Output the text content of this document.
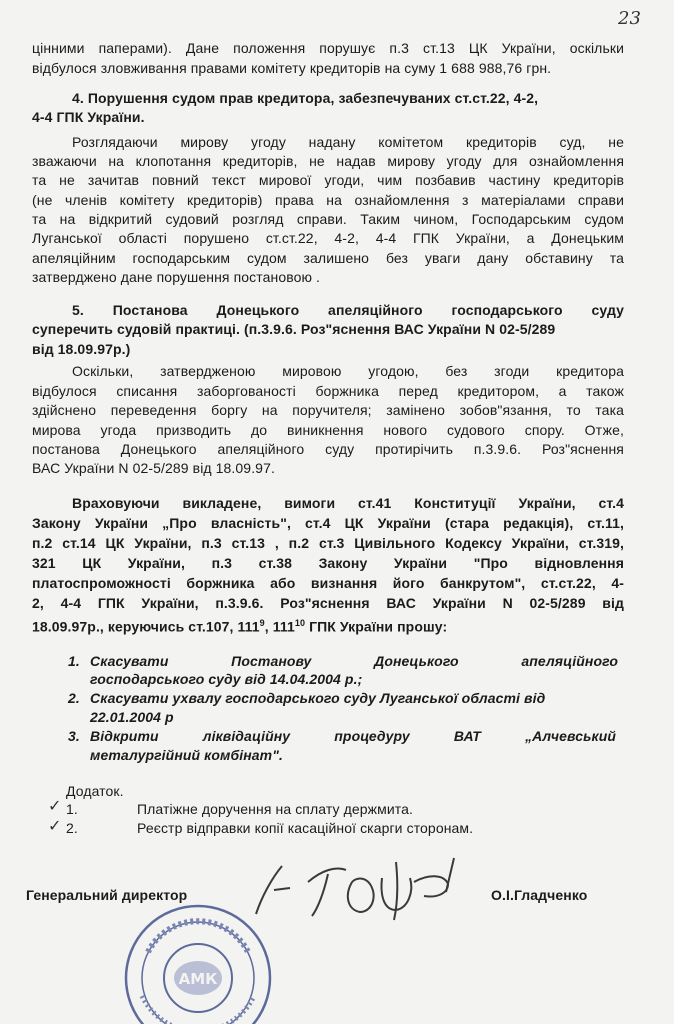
23
цінними паперами). Дане положення порушує п.3 ст.13 ЦК України, оскільки
відбулося зловживання правами комітету кредиторів на суму 1 688 988,76 грн.
4. Порушення судом прав кредитора, забезпечуваних ст.ст.22, 4-2,
4-4 ГПК України.
Розглядаючи мирову угоду надану комітетом кредиторів суд, не
зважаючи на клопотання кредиторів, не надав мирову угоду для ознайомлення
та не зачитав повний текст мирової угоди, чим позбавив частину кредиторів
(не членів комітету кредиторів) права на ознайомлення з матеріалами справи
та на відкритий судовий розгляд справи. Таким чином, Господарським судом
Луганської області порушено ст.ст.22, 4-2, 4-4 ГПК України, а Донецьким
апеляційним господарським судом залишено без уваги дану обставину та
затверджено дане порушення постановою .
5. Постанова Донецького апеляційного господарського суду
суперечить судовій практиці. (п.3.9.6. Роз"яснення ВАС України N 02-5/289
від 18.09.97р.)
Оскільки, затвердженою мировою угодою, без згоди кредитора
відбулося списання заборгованості боржника перед кредитором, а також
здійснено переведення боргу на поручителя; замінено зобов"язання, то така
мирова угода призводить до виникнення нового судового спору. Отже,
постанова Донецького апеляційного суду протирічить п.3.9.6. Роз"яснення
ВАС України N 02-5/289 від 18.09.97.
Враховуючи викладене, вимоги ст.41 Конституції України, ст.4
Закону України „Про власність", ст.4 ЦК України (стара редакція), ст.11,
п.2 ст.14 ЦК України, п.3 ст.13 , п.2 ст.3 Цивільного Кодексу України, ст.319,
321 ЦК України, п.3 ст.38 Закону України "Про відновлення
платоспроможності боржника або визнання його банкрутом", ст.ст.22, 4-
2, 4-4 ГПК України, п.3.9.6. Роз"яснення ВАС України N 02-5/289 від
18.09.97р., керуючись ст.107, $111^9$, $111^{10}$ ГПК України прошу:
1. Скасувати Постанову Донецького апеляційного
господарського суду від 14.04.2004 р.;
2. Скасувати ухвалу господарського суду Луганської області від
22.01.2004 р
3. Відкрити ліквідаційну процедуру ВАТ „Алчевський
металургійний комбінат".
Додаток.
✓ 1.	Платіжне доручення на сплату держмита.
✓ 2.	Реєстр відправки копії касаційної скарги сторонам.
Генеральний директор	О.І.Гладченко
АМК
